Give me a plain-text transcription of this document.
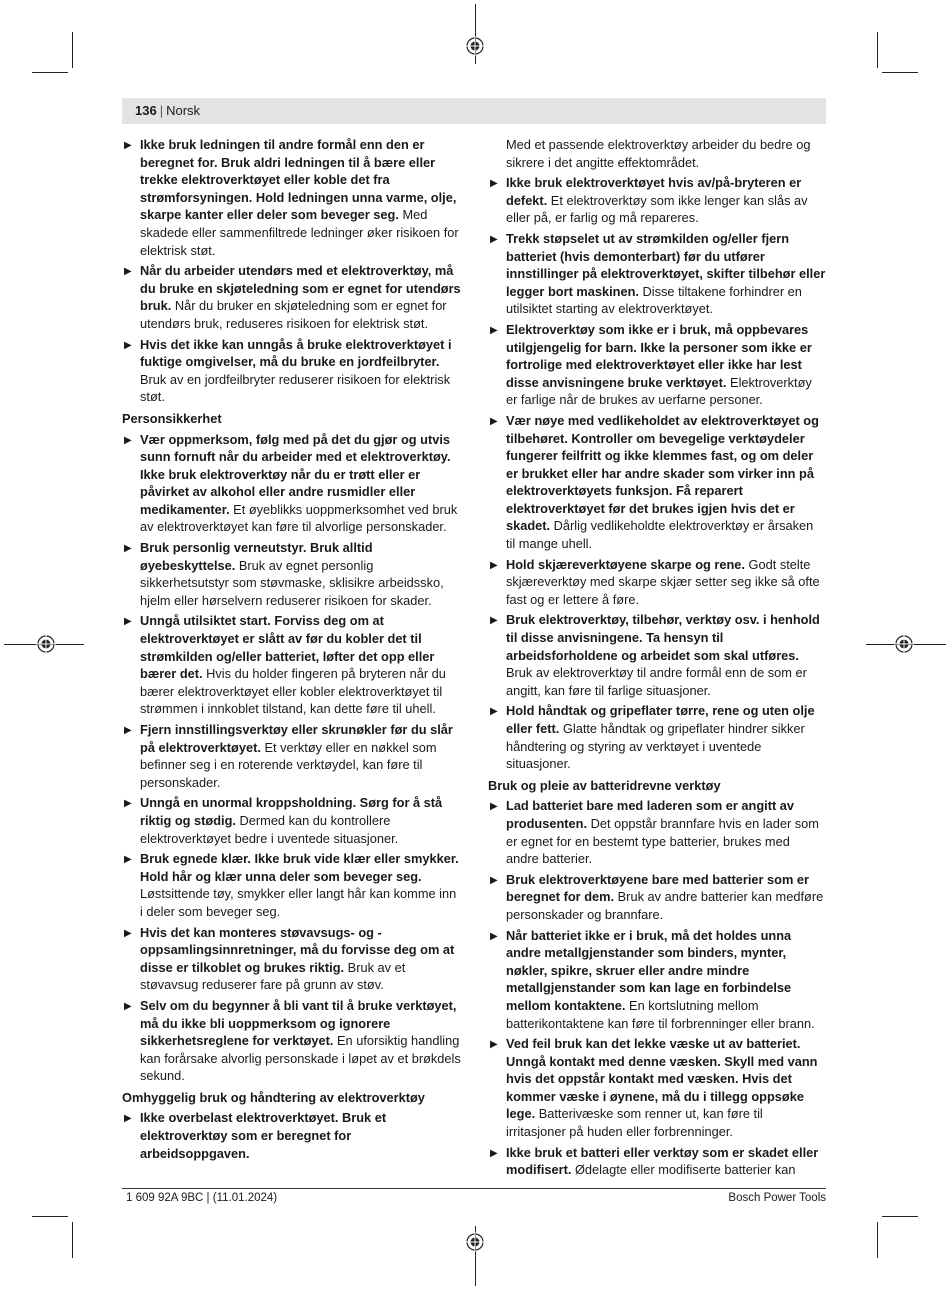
136 | Norsk
▶ Ikke bruk ledningen til andre formål enn den er beregnet for. Bruk aldri ledningen til å bære eller trekke elektroverktøyet eller koble det fra strømforsyningen. Hold ledningen unna varme, olje, skarpe kanter eller deler som beveger seg. Med skadede eller sammenfiltrede ledninger øker risikoen for elektrisk støt.
▶ Når du arbeider utendørs med et elektroverktøy, må du bruke en skjøteledning som er egnet for utendørs bruk. Når du bruker en skjøteledning som er egnet for utendørs bruk, reduseres risikoen for elektrisk støt.
▶ Hvis det ikke kan unngås å bruke elektroverktøyet i fuktige omgivelser, må du bruke en jordfeilbryter. Bruk av en jordfeilbryter reduserer risikoen for elektrisk støt.
Personsikkerhet
▶ Vær oppmerksom, følg med på det du gjør og utvis sunn fornuft når du arbeider med et elektroverktøy. Ikke bruk elektroverktøy når du er trøtt eller er påvirket av alkohol eller andre rusmidler eller medikamenter. Et øyeblikks uoppmerksomhet ved bruk av elektroverktøyet kan føre til alvorlige personskader.
▶ Bruk personlig verneutstyr. Bruk alltid øyebeskyttelse. Bruk av egnet personlig sikkerhetsutstyr som støvmaske, sklisikre arbeidssko, hjelm eller hørselvern reduserer risikoen for skader.
▶ Unngå utilsiktet start. Forviss deg om at elektroverktøyet er slått av før du kobler det til strømkilden og/eller batteriet, løfter det opp eller bærer det. Hvis du holder fingeren på bryteren når du bærer elektroverktøyet eller kobler elektroverktøyet til strømmen i innkoblet tilstand, kan dette føre til uhell.
▶ Fjern innstillingsverktøy eller skrunøkler før du slår på elektroverktøyet. Et verktøy eller en nøkkel som befinner seg i en roterende verktøydel, kan føre til personskader.
▶ Unngå en unormal kroppsholdning. Sørg for å stå riktig og stødig. Dermed kan du kontrollere elektroverktøyet bedre i uventede situasjoner.
▶ Bruk egnede klær. Ikke bruk vide klær eller smykker. Hold hår og klær unna deler som beveger seg. Løstsittende tøy, smykker eller langt hår kan komme inn i deler som beveger seg.
▶ Hvis det kan monteres støvavsugs- og -oppsamlingsinnretninger, må du forvisse deg om at disse er tilkoblet og brukes riktig. Bruk av et støvavsug reduserer fare på grunn av støv.
▶ Selv om du begynner å bli vant til å bruke verktøyet, må du ikke bli uoppmerksom og ignorere sikkerhetsreglene for verktøyet. En uforsiktig handling kan forårsake alvorlig personskade i løpet av et brøkdels sekund.
Omhyggelig bruk og håndtering av elektroverktøy
▶ Ikke overbelast elektroverktøyet. Bruk et elektroverktøy som er beregnet for arbeidsoppgaven.
Med et passende elektroverktøy arbeider du bedre og sikrere i det angitte effektområdet.
▶ Ikke bruk elektroverktøyet hvis av/på-bryteren er defekt. Et elektroverktøy som ikke lenger kan slås av eller på, er farlig og må repareres.
▶ Trekk støpselet ut av strømkilden og/eller fjern batteriet (hvis demonterbart) før du utfører innstillinger på elektroverktøyet, skifter tilbehør eller legger bort maskinen. Disse tiltakene forhindrer en utilsiktet starting av elektroverktøyet.
▶ Elektroverktøy som ikke er i bruk, må oppbevares utilgjengelig for barn. Ikke la personer som ikke er fortrolige med elektroverktøyet eller ikke har lest disse anvisningene bruke verktøyet. Elektroverktøy er farlige når de brukes av uerfarne personer.
▶ Vær nøye med vedlikeholdet av elektroverktøyet og tilbehøret. Kontroller om bevegelige verktøydeler fungerer feilfritt og ikke klemmes fast, og om deler er brukket eller har andre skader som virker inn på elektroverktøyets funksjon. Få reparert elektroverktøyet før det brukes igjen hvis det er skadet. Dårlig vedlikeholdte elektroverktøy er årsaken til mange uhell.
▶ Hold skjæreverktøyene skarpe og rene. Godt stelte skjæreverktøy med skarpe skjær setter seg ikke så ofte fast og er lettere å føre.
▶ Bruk elektroverktøy, tilbehør, verktøy osv. i henhold til disse anvisningene. Ta hensyn til arbeidsforholdene og arbeidet som skal utføres. Bruk av elektroverktøy til andre formål enn de som er angitt, kan føre til farlige situasjoner.
▶ Hold håndtak og gripeflater tørre, rene og uten olje eller fett. Glatte håndtak og gripeflater hindrer sikker håndtering og styring av verktøyet i uventede situasjoner.
Bruk og pleie av batteridrevne verktøy
▶ Lad batteriet bare med laderen som er angitt av produsenten. Det oppstår brannfare hvis en lader som er egnet for en bestemt type batterier, brukes med andre batterier.
▶ Bruk elektroverktøyene bare med batterier som er beregnet for dem. Bruk av andre batterier kan medføre personskader og brannfare.
▶ Når batteriet ikke er i bruk, må det holdes unna andre metallgjenstander som binders, mynter, nøkler, spikre, skruer eller andre mindre metallgjenstander som kan lage en forbindelse mellom kontaktene. En kortslutning mellom batterikontaktene kan føre til forbrenninger eller brann.
▶ Ved feil bruk kan det lekke væske ut av batteriet. Unngå kontakt med denne væsken. Skyll med vann hvis det oppstår kontakt med væsken. Hvis det kommer væske i øynene, må du i tillegg oppsøke lege. Batterivæske som renner ut, kan føre til irritasjoner på huden eller forbrenninger.
▶ Ikke bruk et batteri eller verktøy som er skadet eller modifisert. Ødelagte eller modifiserte batterier kan
1 609 92A 9BC | (11.01.2024)	Bosch Power Tools
